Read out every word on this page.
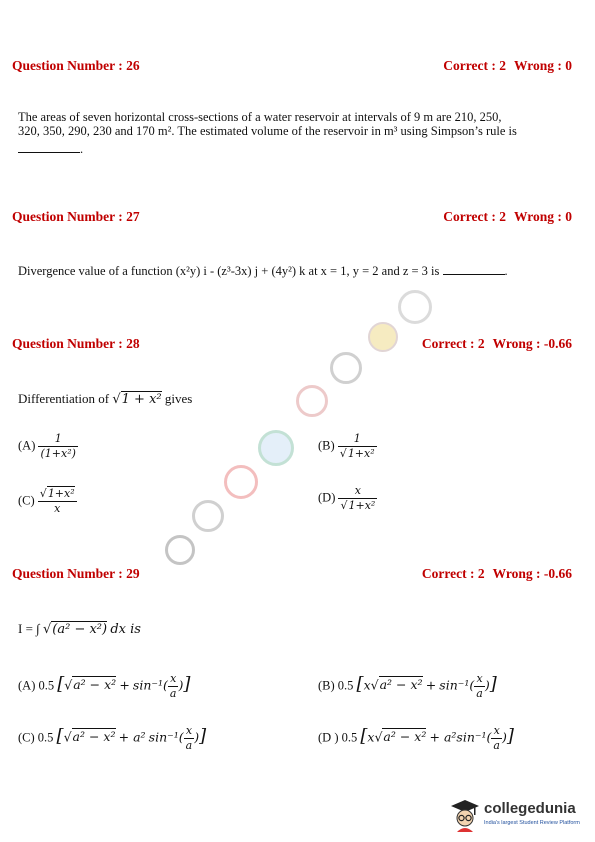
Question Number : 26	Correct : 2 Wrong : 0
The areas of seven horizontal cross-sections of a water reservoir at intervals of 9 m are 210, 250,
320, 350, 290, 230 and 170 m². The estimated volume of the reservoir in m³ using Simpson’s rule is
.
Question Number : 27	Correct : 2 Wrong : 0
Divergence value of a function (x²y) i - (z³-3x) j + (4y²) k at x = 1, y = 2 and z = 3 is	.
Question Number : 28	Correct : 2 Wrong : -0.66
Differentiation of √1 + x² gives
$(A) \frac{1}{\text{(1+x²)}}$	$(B) \frac{1}{\text{√1+x²}}$
$(C) \frac{\text{√1+x²}}{x}$	$(D) \frac{x}{\text{√1+x²}}$
Question Number : 29	Correct : 2 Wrong : -0.66
I = ∫ √(a² − x²) dx is
(A) 0.5 [$√a^2 - x^2 + \sin^{-1}( \frac{x}{a}$ )]	(B) 0.5 [$x√a^2 - x^2 + \sin^{-1}( \frac{x}{a}$ )]
(C) 0.5 [√a² − x² + a² $\sin^{-1}( \frac{x}{a}$ )]	(D ) 0.5 [$x√a^2 - x^2 + a^2\sin^{-1}( \frac{x}{a}$ )]
collegedunia
India's largest Student Review Platform
